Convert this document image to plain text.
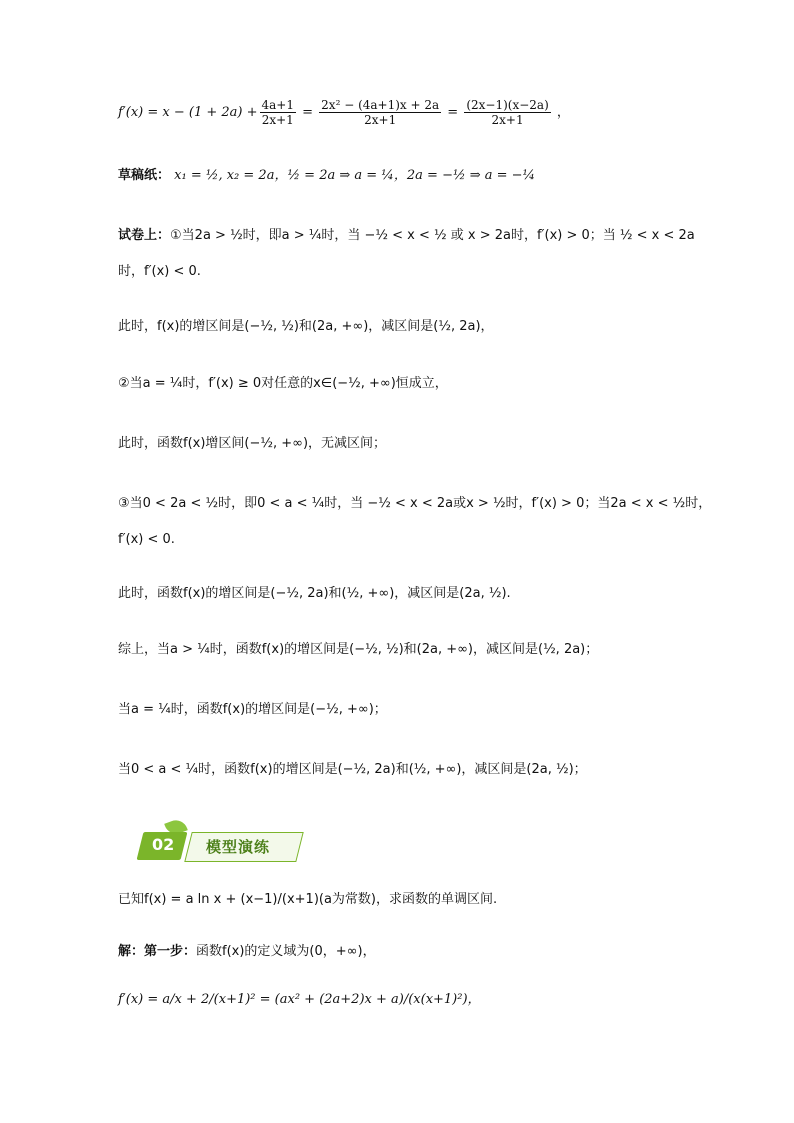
$f'(x) = x - (1 + 2a) + \frac{4a+1}{2x+1} = \frac{\text{2x² − (4a+1)x + 2a}}{2x+1} = \frac{(2x-1)(x-2a)}{2x+1}$ ，
草稿纸： x₁ = ½, x₂ = 2a，½ = 2a ⇒ a = ¼，2a = −½ ⇒ a = −¼
试卷上：①当2a > ½时，即a > ¼时，当 −½ < x < ½ 或 x > 2a时，f′(x) > 0；当 ½ < x < 2a
时，f′(x) < 0.
此时，f(x)的增区间是(−½, ½)和(2a, +∞)，减区间是(½, 2a)，
②当a = ¼时，f′(x) ≥ 0对任意的x∈(−½, +∞)恒成立，
此时，函数f(x)增区间(−½, +∞)，无减区间；
③当0 < 2a < ½时，即0 < a < ¼时，当 −½ < x < 2a或x > ½时，f′(x) > 0；当2a < x < ½时，
f′(x) < 0.
此时，函数f(x)的增区间是(−½, 2a)和(½, +∞)，减区间是(2a, ½).
综上，当a > ¼时，函数f(x)的增区间是(−½, ½)和(2a, +∞)，减区间是(½, 2a)；
当a = ¼时，函数f(x)的增区间是(−½, +∞)；
当0 < a < ¼时，函数f(x)的增区间是(−½, 2a)和(½, +∞)，减区间是(2a, ½)；
02 模型演练
已知f(x) = a ln x + (x−1)/(x+1)(a为常数)，求函数的单调区间.
解：第一步：函数f(x)的定义域为(0，+∞)，
f′(x) = a/x + 2/(x+1)² = (ax² + (2a+2)x + a)/(x(x+1)²)，
